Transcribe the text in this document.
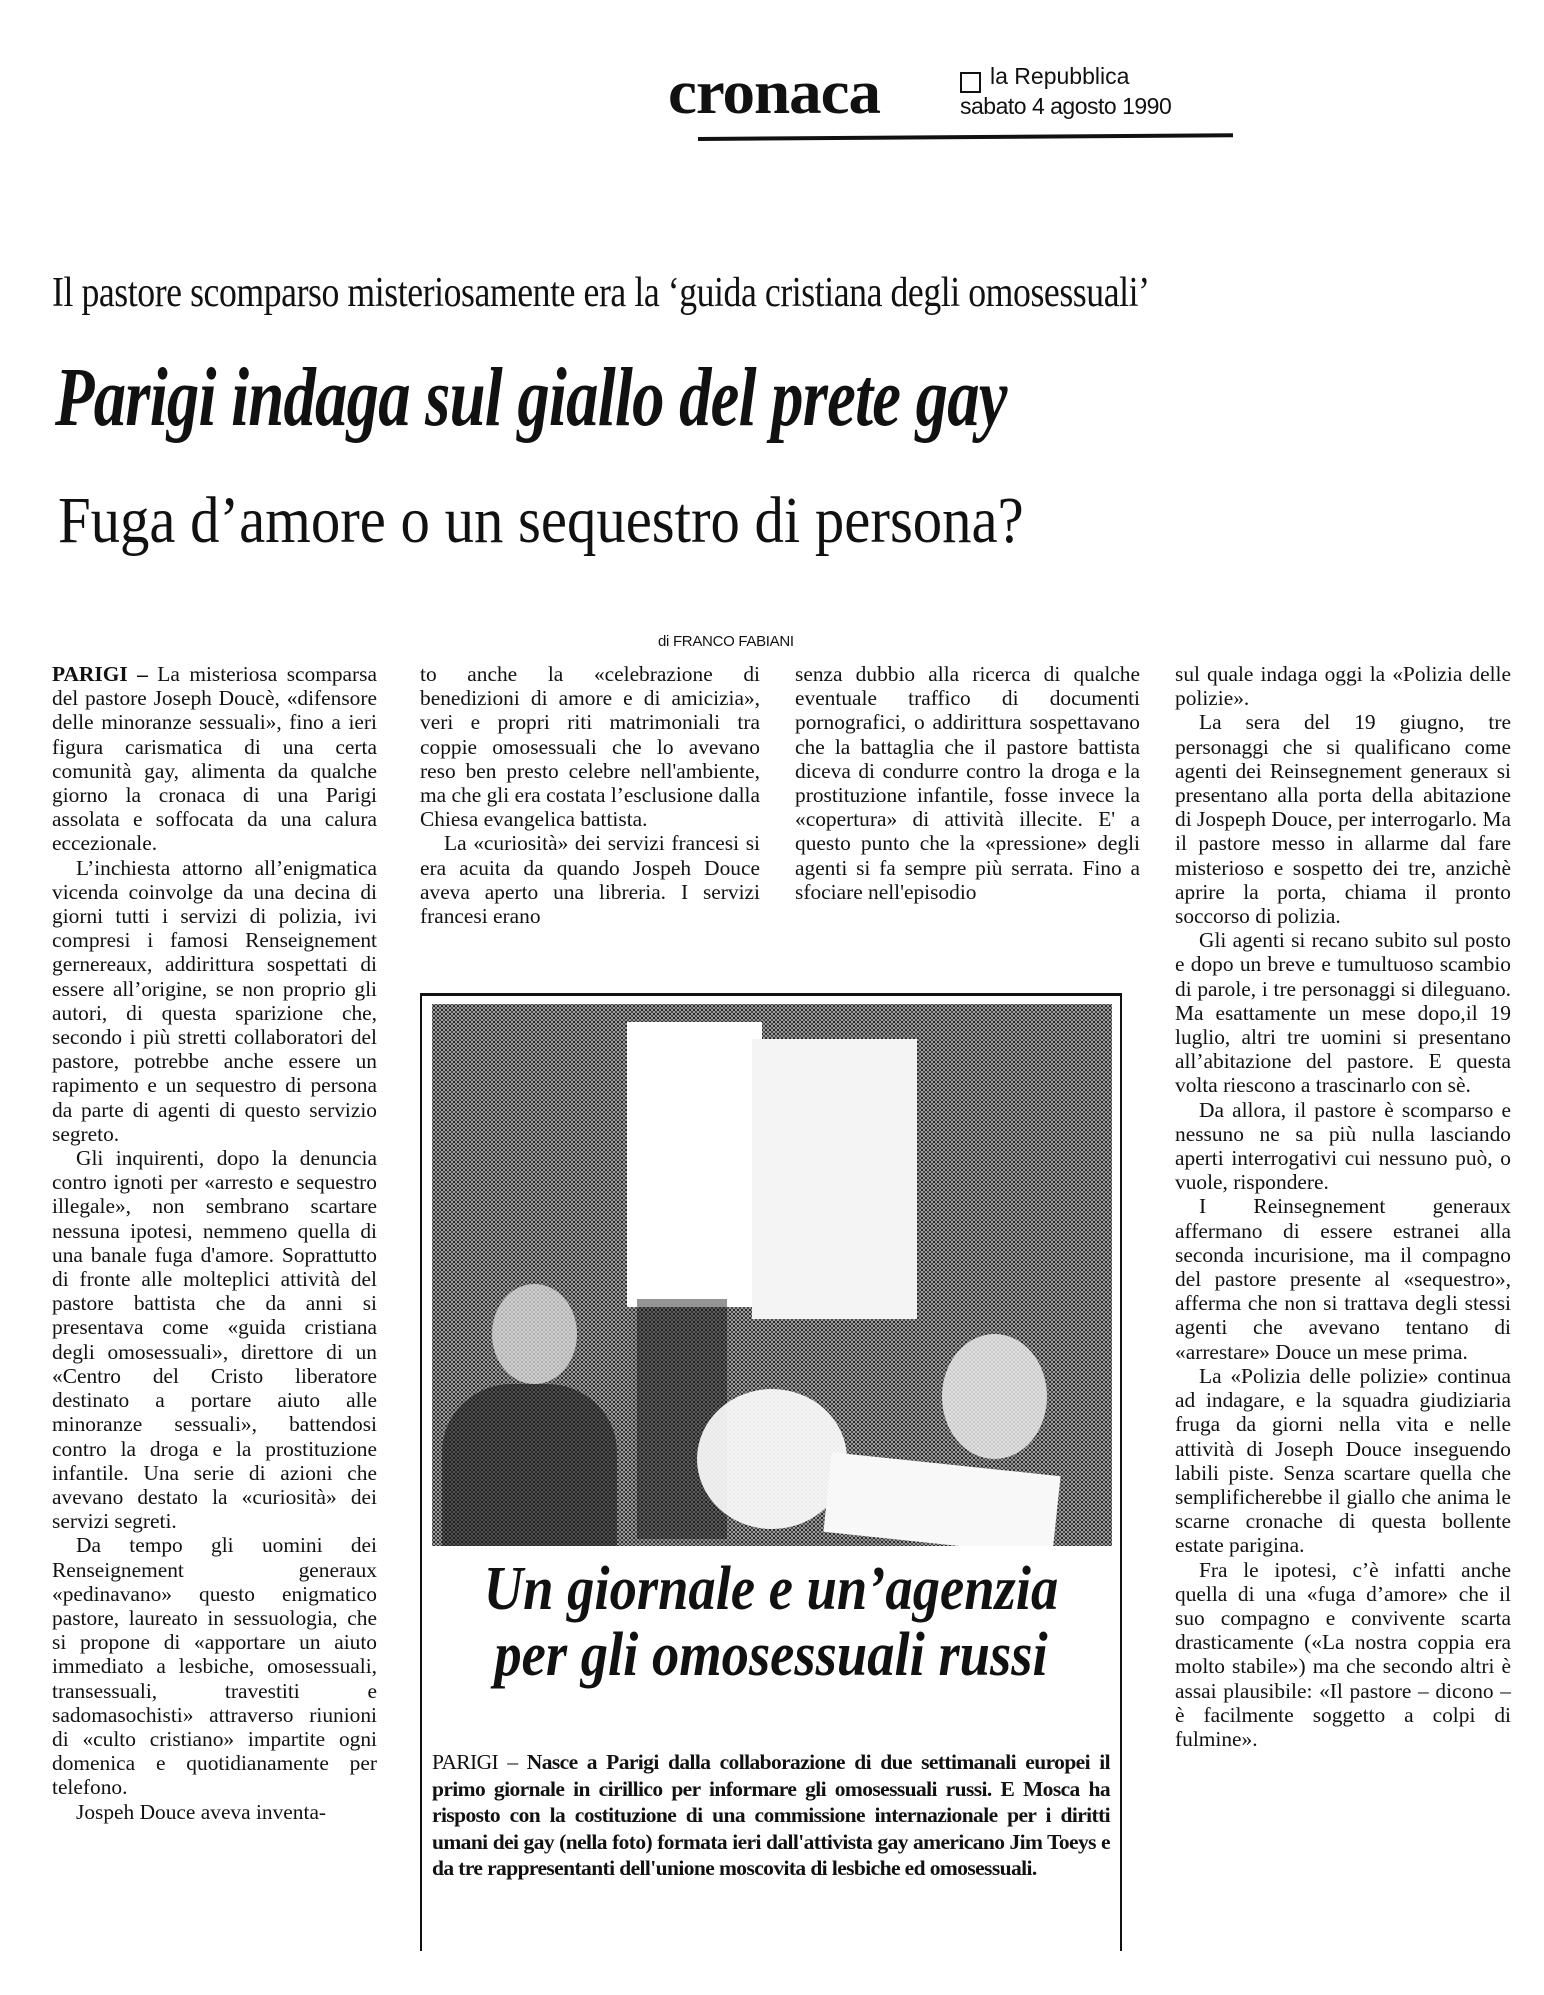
cronaca	la Repubblica
sabato 4 agosto 1990
Il pastore scomparso misteriosamente era la ‘guida cristiana degli omosessuali’
Parigi indaga sul giallo del prete gay
Fuga d’amore o un sequestro di persona?
di FRANCO FABIANI

PARIGI – La misteriosa scomparsa del pastore Joseph Doucè, «difensore delle minoranze sessuali», fino a ieri figura carismatica di una certa comunità gay, alimenta da qualche giorno la cronaca di una Parigi assolata e soffocata da una calura eccezionale.

L’inchiesta attorno all’enigmatica vicenda coinvolge da una decina di giorni tutti i servizi di polizia, ivi compresi i famosi Renseignement gernereaux, addirittura sospettati di essere all’origine, se non proprio gli autori, di questa sparizione che, secondo i più stretti collaboratori del pastore, potrebbe anche essere un rapimento e un sequestro di persona da parte di agenti di questo servizio segreto.

Gli inquirenti, dopo la denuncia contro ignoti per «arresto e sequestro illegale», non sembrano scartare nessuna ipotesi, nemmeno quella di una banale fuga d'amore. Soprattutto di fronte alle molteplici attività del pastore battista che da anni si presentava come «guida cristiana degli omosessuali», direttore di un «Centro del Cristo liberatore destinato a portare aiuto alle minoranze sessuali», battendosi contro la droga e la prostituzione infantile. Una serie di azioni che avevano destato la «curiosità» dei servizi segreti.

Da tempo gli uomini dei Renseignement generaux «pedinavano» questo enigmatico pastore, laureato in sessuologia, che si propone di «apportare un aiuto immediato a lesbiche, omosessuali, transessuali, travestiti e sadomasochisti» attraverso riunioni di «culto cristiano» impartite ogni domenica e quotidianamente per telefono.

Jospeh Douce aveva inventa-

to anche la «celebrazione di benedizioni di amore e di amicizia», veri e propri riti matrimoniali tra coppie omosessuali che lo avevano reso ben presto celebre nell'ambiente, ma che gli era costata l’esclusione dalla Chiesa evangelica battista.

La «curiosità» dei servizi francesi si era acuita da quando Jospeh Douce aveva aperto una libreria. I servizi francesi erano

senza dubbio alla ricerca di qualche eventuale traffico di documenti pornografici, o addirittura sospettavano che la battaglia che il pastore battista diceva di condurre contro la droga e la prostituzione infantile, fosse invece la «copertura» di attività illecite. E' a questo punto che la «pressione» degli agenti si fa sempre più serrata. Fino a sfociare nell'episodio

sul quale indaga oggi la «Polizia delle polizie».

La sera del 19 giugno, tre personaggi che si qualificano come agenti dei Reinsegnement generaux si presentano alla porta della abitazione di Jospeph Douce, per interrogarlo. Ma il pastore messo in allarme dal fare misterioso e sospetto dei tre, anzichè aprire la porta, chiama il pronto soccorso di polizia.

Gli agenti si recano subito sul posto e dopo un breve e tumultuoso scambio di parole, i tre personaggi si dileguano. Ma esattamente un mese dopo,il 19 luglio, altri tre uomini si presentano all’abitazione del pastore. E questa volta riescono a trascinarlo con sè.

Da allora, il pastore è scomparso e nessuno ne sa più nulla lasciando aperti interrogativi cui nessuno può, o vuole, rispondere.

I Reinsegnement generaux affermano di essere estranei alla seconda incurisione, ma il compagno del pastore presente al «sequestro», afferma che non si trattava degli stessi agenti che avevano tentano di «arrestare» Douce un mese prima.

La «Polizia delle polizie» continua ad indagare, e la squadra giudiziaria fruga da giorni nella vita e nelle attività di Joseph Douce inseguendo labili piste. Senza scartare quella che semplificherebbe il giallo che anima le scarne cronache di questa bollente estate parigina.

Fra le ipotesi, c’è infatti anche quella di una «fuga d’amore» che il suo compagno e convivente scarta drasticamente («La nostra coppia era molto stabile») ma che secondo altri è assai plausibile: «Il pastore – dicono – è facilmente soggetto a colpi di fulmine».

Un giornale e un’agenzia
per gli omosessuali russi
PARIGI – Nasce a Parigi dalla collaborazione di due settimanali europei il primo giornale in cirillico per informare gli omosessuali russi. E Mosca ha risposto con la costituzione di una commissione internazionale per i diritti umani dei gay (nella foto) formata ieri dall'attivista gay americano Jim Toeys e da tre rappresentanti dell'unione moscovita di lesbiche ed omosessuali.
